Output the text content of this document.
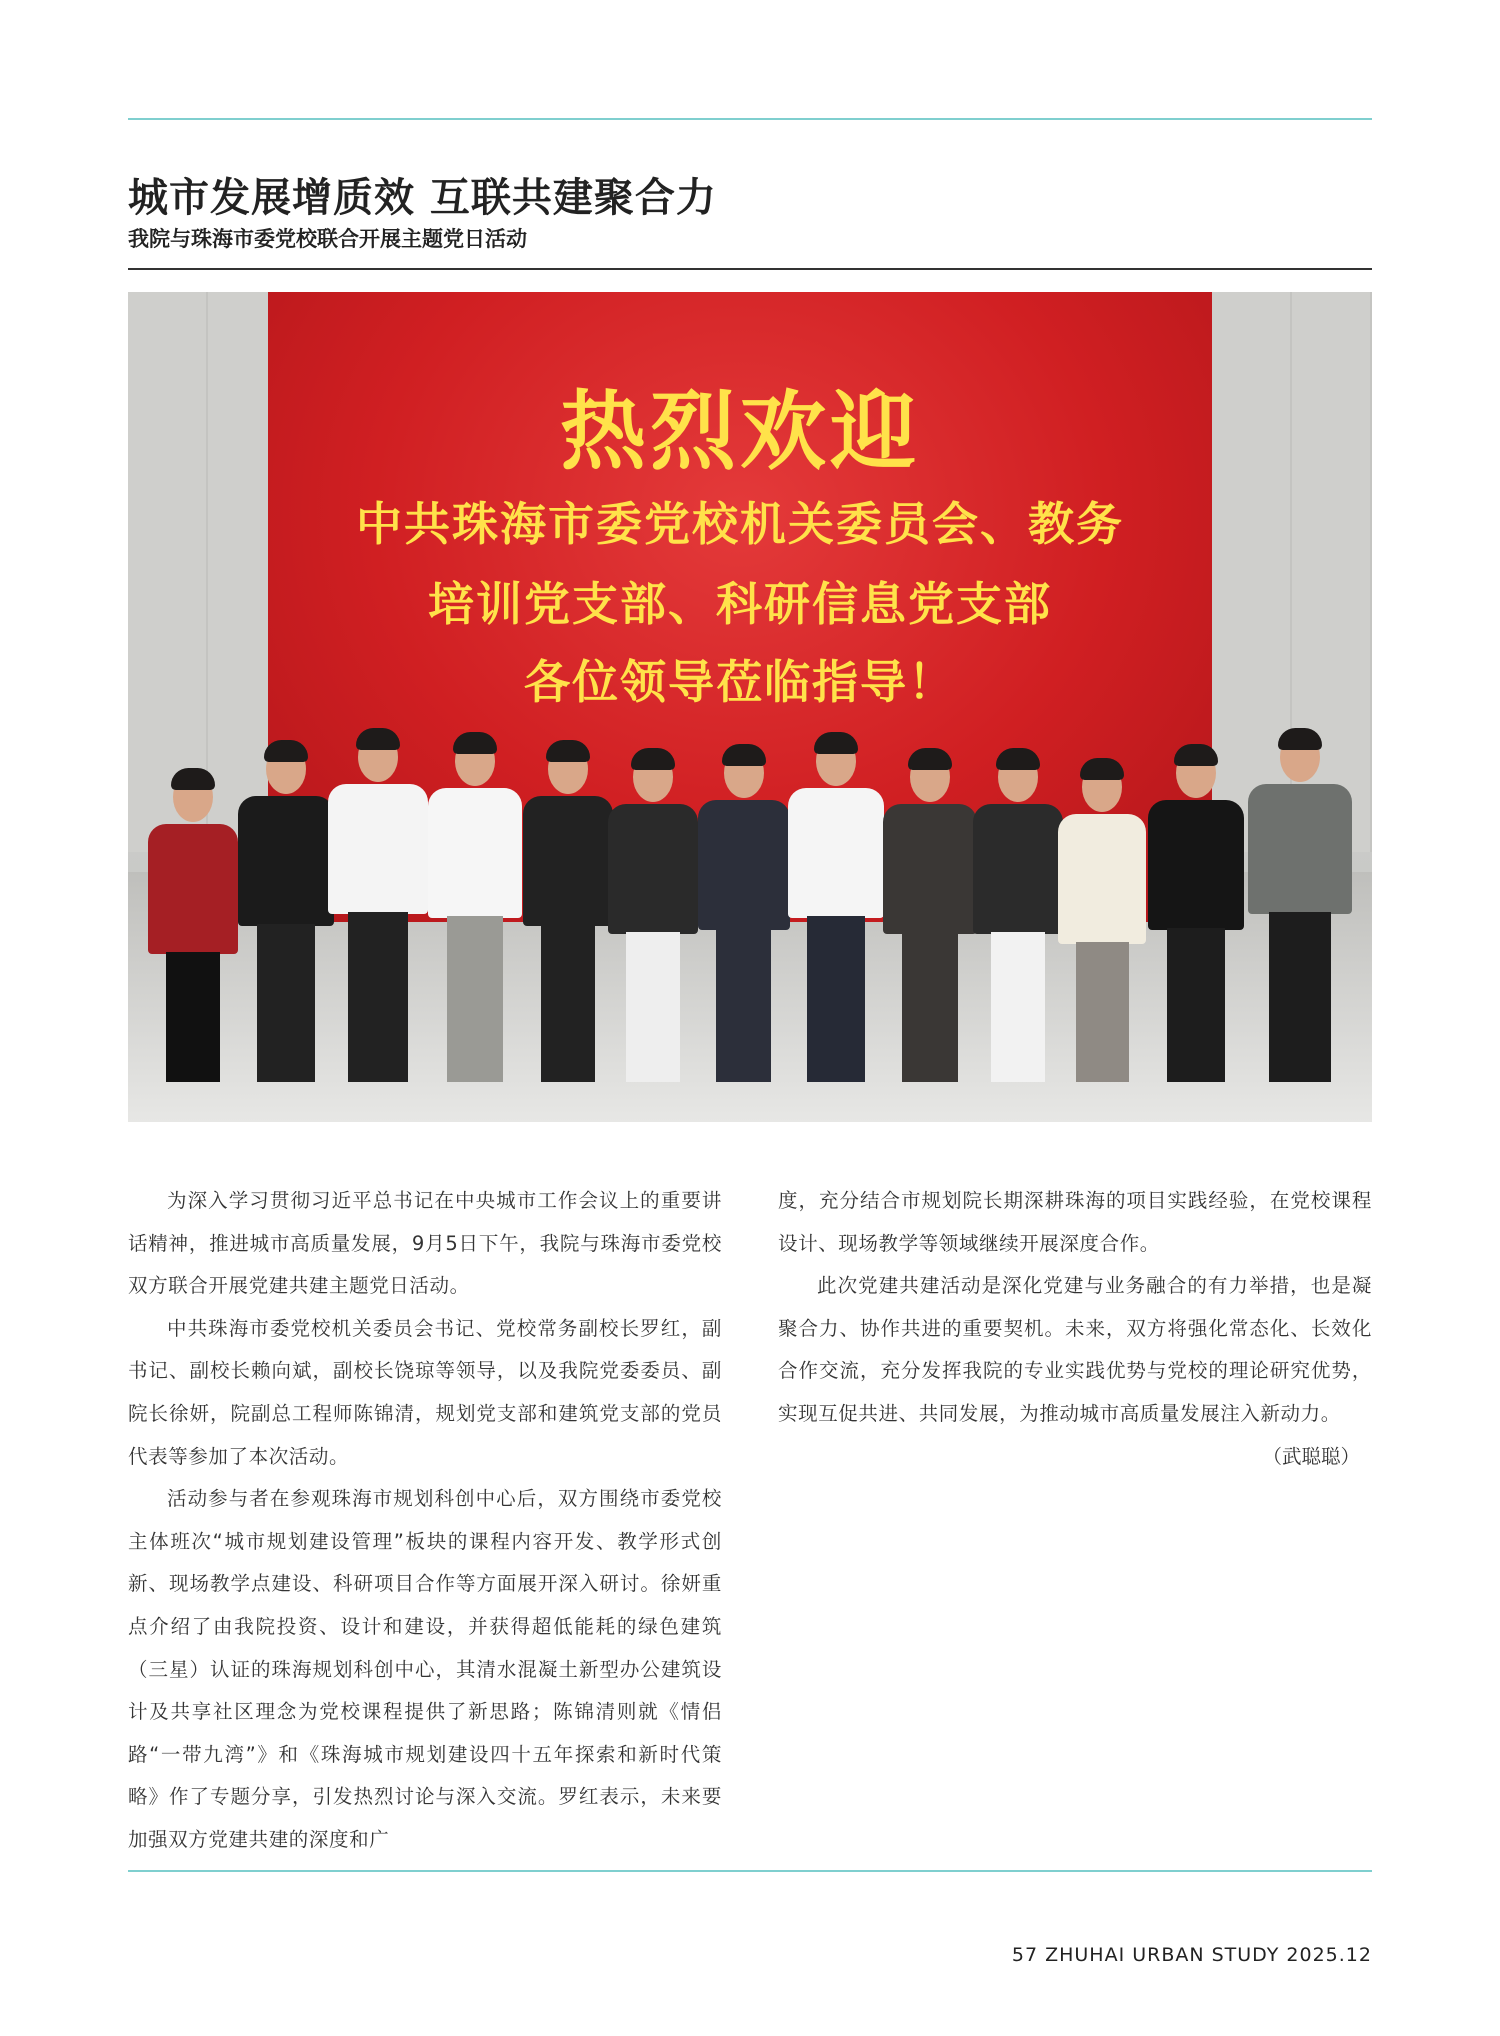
城市发展增质效 互联共建聚合力
我院与珠海市委党校联合开展主题党日活动
热烈欢迎
中共珠海市委党校机关委员会、教务
培训党支部、科研信息党支部
各位领导莅临指导！

为深入学习贯彻习近平总书记在中央城市工作会议上的重要讲话精神，推进城市高质量发展，9月5日下午，我院与珠海市委党校双方联合开展党建共建主题党日活动。

中共珠海市委党校机关委员会书记、党校常务副校长罗红，副书记、副校长赖向斌，副校长饶琼等领导，以及我院党委委员、副院长徐妍，院副总工程师陈锦清，规划党支部和建筑党支部的党员代表等参加了本次活动。

活动参与者在参观珠海市规划科创中心后，双方围绕市委党校主体班次“城市规划建设管理”板块的课程内容开发、教学形式创新、现场教学点建设、科研项目合作等方面展开深入研讨。徐妍重点介绍了由我院投资、设计和建设，并获得超低能耗的绿色建筑（三星）认证的珠海规划科创中心，其清水混凝土新型办公建筑设计及共享社区理念为党校课程提供了新思路；陈锦清则就《情侣路“一带九湾”》和《珠海城市规划建设四十五年探索和新时代策略》作了专题分享，引发热烈讨论与深入交流。罗红表示，未来要加强双方党建共建的深度和广

度，充分结合市规划院长期深耕珠海的项目实践经验，在党校课程设计、现场教学等领域继续开展深度合作。

此次党建共建活动是深化党建与业务融合的有力举措，也是凝聚合力、协作共进的重要契机。未来，双方将强化常态化、长效化合作交流，充分发挥我院的专业实践优势与党校的理论研究优势，实现互促共进、共同发展，为推动城市高质量发展注入新动力。

（武聪聪）

57 ZHUHAI URBAN STUDY 2025.12
